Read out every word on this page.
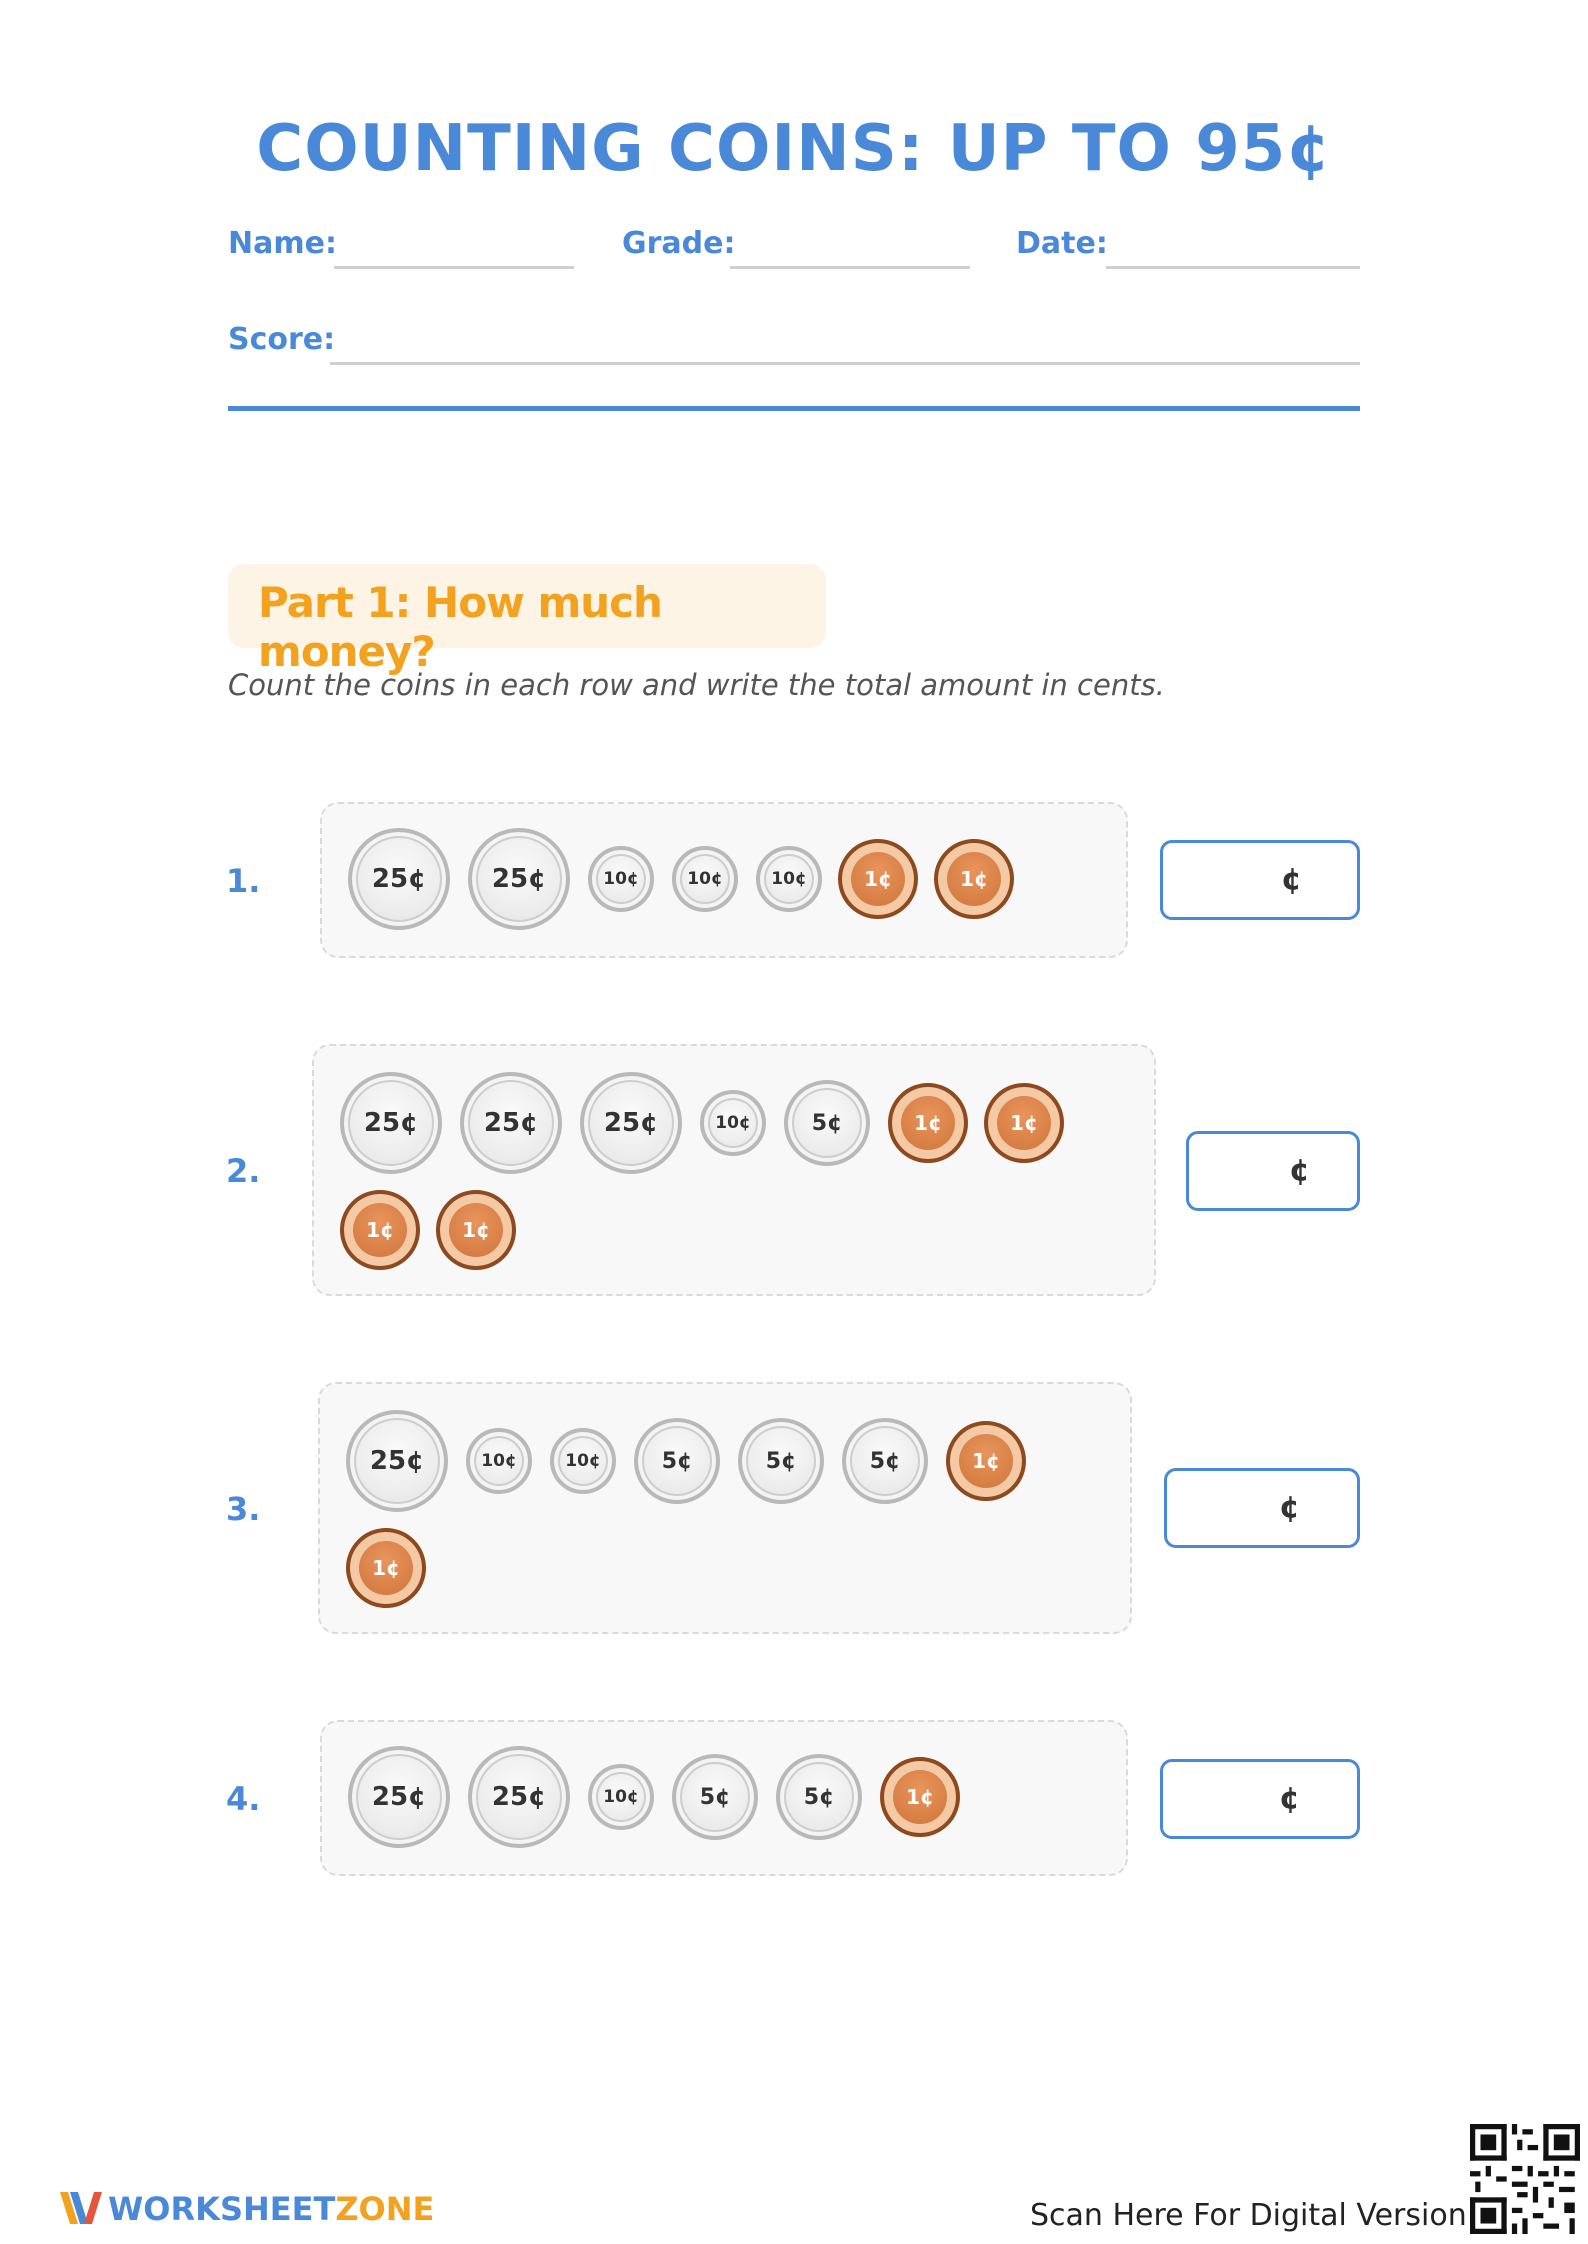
COUNTING COINS: UP TO 95¢
Name:	Grade:	Date:
Score:
Part 1: How much money?
Count the coins in each row and write the total amount in cents.
1.	25¢	25¢	10¢	10¢	10¢	1¢	1¢	¢
2.
25¢	25¢	25¢	10¢	5¢	1¢	1¢
1¢	1¢
¢
3.
25¢	10¢	10¢	5¢	5¢	5¢	1¢
1¢
¢
4.	25¢	25¢	10¢	5¢	5¢	1¢	¢
WORKSHEETZONE	Scan Here For Digital Version
